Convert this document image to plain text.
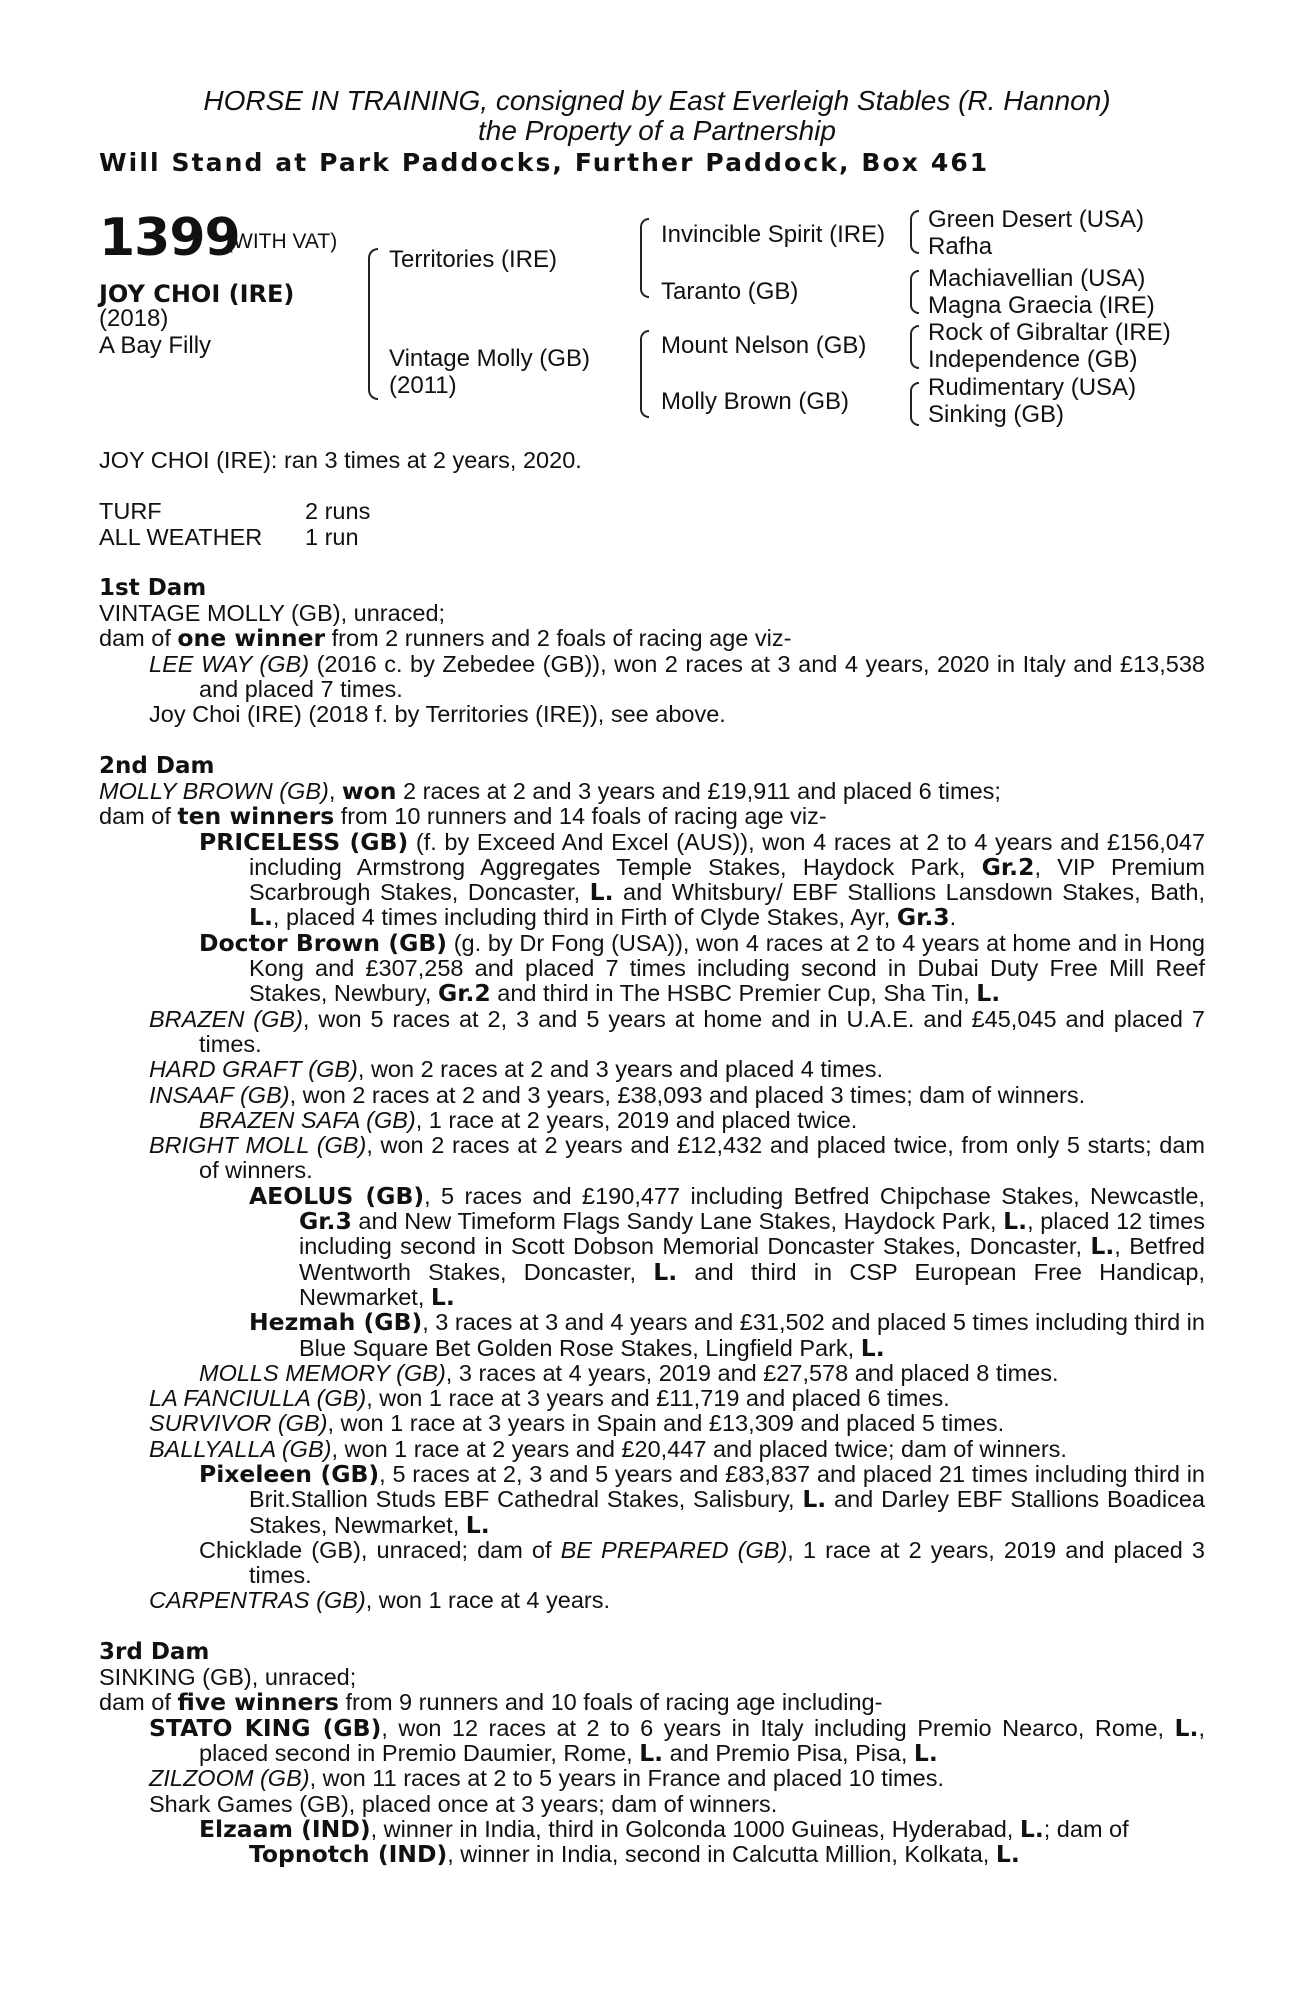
HORSE IN TRAINING, consigned by East Everleigh Stables (R. Hannon)
the Property of a Partnership
Will Stand at Park Paddocks, Further Paddock, Box 461
1399
(WITH VAT)
JOY CHOI (IRE)
(2018)
A Bay Filly
Territories (IRE)
Vintage Molly (GB)
(2011)
Invincible Spirit (IRE)
Taranto (GB)
Mount Nelson (GB)
Molly Brown (GB)
Green Desert (USA)
Rafha
Machiavellian (USA)
Magna Graecia (IRE)
Rock of Gibraltar (IRE)
Independence (GB)
Rudimentary (USA)
Sinking (GB)
JOY CHOI (IRE): ran 3 times at 2 years, 2020.
TURF	2 runs
ALL WEATHER	1 run
1st Dam
VINTAGE MOLLY (GB), unraced;
dam of one winner from 2 runners and 2 foals of racing age viz-
LEE WAY (GB) (2016 c. by Zebedee (GB)), won 2 races at 3 and 4 years, 2020 in Italy and £13,538 and placed 7 times.
Joy Choi (IRE) (2018 f. by Territories (IRE)), see above.
2nd Dam
MOLLY BROWN (GB), won 2 races at 2 and 3 years and £19,911 and placed 6 times;
dam of ten winners from 10 runners and 14 foals of racing age viz-
PRICELESS (GB) (f. by Exceed And Excel (AUS)), won 4 races at 2 to 4 years and £156,047 including Armstrong Aggregates Temple Stakes, Haydock Park, Gr.2, VIP Premium Scarbrough Stakes, Doncaster, L. and Whitsbury/ EBF Stallions Lansdown Stakes, Bath, L., placed 4 times including third in Firth of Clyde Stakes, Ayr, Gr.3.
Doctor Brown (GB) (g. by Dr Fong (USA)), won 4 races at 2 to 4 years at home and in Hong Kong and £307,258 and placed 7 times including second in Dubai Duty Free Mill Reef Stakes, Newbury, Gr.2 and third in The HSBC Premier Cup, Sha Tin, L.
BRAZEN (GB), won 5 races at 2, 3 and 5 years at home and in U.A.E. and £45,045 and placed 7 times.
HARD GRAFT (GB), won 2 races at 2 and 3 years and placed 4 times.
INSAAF (GB), won 2 races at 2 and 3 years, £38,093 and placed 3 times; dam of winners.
BRAZEN SAFA (GB), 1 race at 2 years, 2019 and placed twice.
BRIGHT MOLL (GB), won 2 races at 2 years and £12,432 and placed twice, from only 5 starts; dam of winners.
AEOLUS (GB), 5 races and £190,477 including Betfred Chipchase Stakes, Newcastle, Gr.3 and New Timeform Flags Sandy Lane Stakes, Haydock Park, L., placed 12 times including second in Scott Dobson Memorial Doncaster Stakes, Doncaster, L., Betfred Wentworth Stakes, Doncaster, L. and third in CSP European Free Handicap, Newmarket, L.
Hezmah (GB), 3 races at 3 and 4 years and £31,502 and placed 5 times including third in Blue Square Bet Golden Rose Stakes, Lingfield Park, L.
MOLLS MEMORY (GB), 3 races at 4 years, 2019 and £27,578 and placed 8 times.
LA FANCIULLA (GB), won 1 race at 3 years and £11,719 and placed 6 times.
SURVIVOR (GB), won 1 race at 3 years in Spain and £13,309 and placed 5 times.
BALLYALLA (GB), won 1 race at 2 years and £20,447 and placed twice; dam of winners.
Pixeleen (GB), 5 races at 2, 3 and 5 years and £83,837 and placed 21 times including third in Brit.Stallion Studs EBF Cathedral Stakes, Salisbury, L. and Darley EBF Stallions Boadicea Stakes, Newmarket, L.
Chicklade (GB), unraced; dam of BE PREPARED (GB), 1 race at 2 years, 2019 and placed 3 times.
CARPENTRAS (GB), won 1 race at 4 years.
3rd Dam
SINKING (GB), unraced;
dam of five winners from 9 runners and 10 foals of racing age including-
STATO KING (GB), won 12 races at 2 to 6 years in Italy including Premio Nearco, Rome, L., placed second in Premio Daumier, Rome, L. and Premio Pisa, Pisa, L.
ZILZOOM (GB), won 11 races at 2 to 5 years in France and placed 10 times.
Shark Games (GB), placed once at 3 years; dam of winners.
Elzaam (IND), winner in India, third in Golconda 1000 Guineas, Hyderabad, L.; dam of
Topnotch (IND), winner in India, second in Calcutta Million, Kolkata, L.
